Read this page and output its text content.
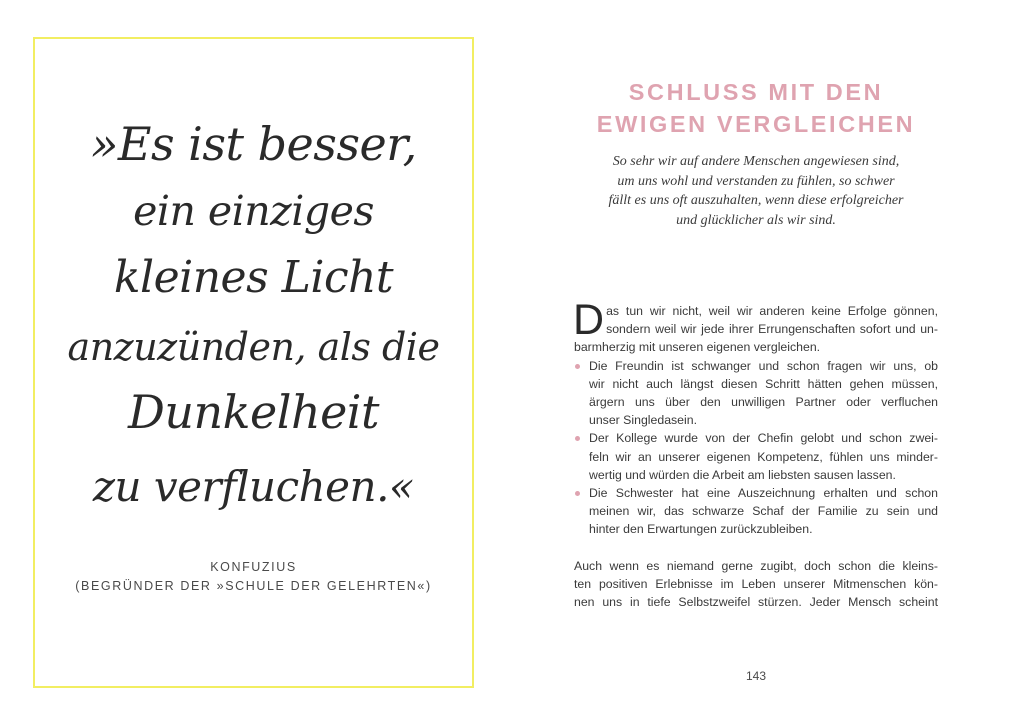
»Es ist besser,
ein einziges
kleines Licht
anzuzünden, als die
Dunkelheit
zu verfluchen.«
KONFUZIUS
(BEGRÜNDER DER »SCHULE DER GELEHRTEN«)
SCHLUSS MIT DEN
EWIGEN VERGLEICHEN
So sehr wir auf andere Menschen angewiesen sind,
um uns wohl und verstanden zu fühlen, so schwer
fällt es uns oft auszuhalten, wenn diese erfolgreicher
und glücklicher als wir sind.
D as tun wir nicht, weil wir anderen keine Erfolge gönnen,
sondern weil wir jede ihrer Errungenschaften sofort und un-
barmherzig mit unseren eigenen vergleichen.
Die Freundin ist schwanger und schon fragen wir uns, ob
wir nicht auch längst diesen Schritt hätten gehen müssen,
ärgern uns über den unwilligen Partner oder verfluchen
unser Singledasein.
Der Kollege wurde von der Chefin gelobt und schon zwei-
feln wir an unserer eigenen Kompetenz, fühlen uns minder-
wertig und würden die Arbeit am liebsten sausen lassen.
Die Schwester hat eine Auszeichnung erhalten und schon
meinen wir, das schwarze Schaf der Familie zu sein und
hinter den Erwartungen zurückzubleiben.
Auch wenn es niemand gerne zugibt, doch schon die kleins-
ten positiven Erlebnisse im Leben unserer Mitmenschen kön-
nen uns in tiefe Selbstzweifel stürzen. Jeder Mensch scheint
143
